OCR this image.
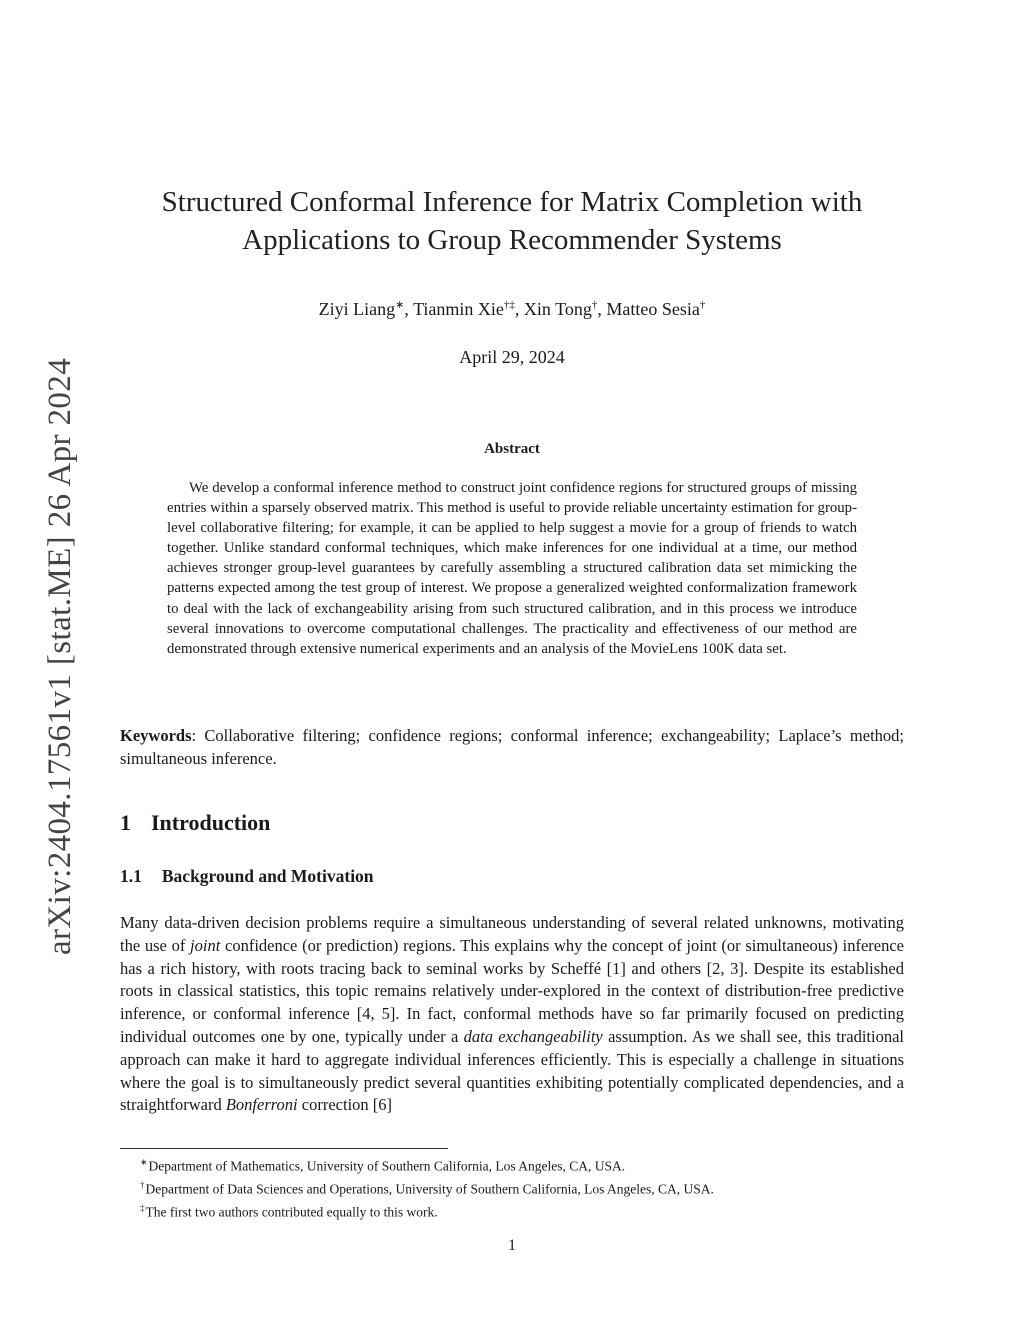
arXiv:2404.17561v1 [stat.ME] 26 Apr 2024
Structured Conformal Inference for Matrix Completion with
Applications to Group Recommender Systems
Ziyi Liang∗, Tianmin Xie†‡, Xin Tong†, Matteo Sesia†
April 29, 2024
Abstract

We develop a conformal inference method to construct joint confidence regions for structured groups of missing entries within a sparsely observed matrix. This method is useful to provide reliable uncertainty estimation for group-level collaborative filtering; for example, it can be applied to help suggest a movie for a group of friends to watch together. Unlike standard conformal techniques, which make inferences for one individual at a time, our method achieves stronger group-level guarantees by carefully assembling a structured calibration data set mimicking the patterns expected among the test group of interest. We propose a generalized weighted conformalization framework to deal with the lack of exchangeability arising from such structured calibration, and in this process we introduce several innovations to overcome computational challenges. The practicality and effectiveness of our method are demonstrated through extensive numerical experiments and an analysis of the MovieLens 100K data set.

Keywords: Collaborative filtering; confidence regions; conformal inference; exchangeability; Laplace’s method; simultaneous inference.
1 Introduction
1.1 Background and Motivation

Many data-driven decision problems require a simultaneous understanding of several related unknowns, motivating the use of joint confidence (or prediction) regions. This explains why the concept of joint (or simultaneous) inference has a rich history, with roots tracing back to seminal works by Scheffé [1] and others [2, 3]. Despite its established roots in classical statistics, this topic remains relatively under-explored in the context of distribution-free predictive inference, or conformal inference [4, 5]. In fact, conformal methods have so far primarily focused on predicting individual outcomes one by one, typically under a data exchangeability assumption. As we shall see, this traditional approach can make it hard to aggregate individual inferences efficiently. This is especially a challenge in situations where the goal is to simultaneously predict several quantities exhibiting potentially complicated dependencies, and a straightforward Bonferroni correction [6]

∗Department of Mathematics, University of Southern California, Los Angeles, CA, USA.
†Department of Data Sciences and Operations, University of Southern California, Los Angeles, CA, USA.
‡The first two authors contributed equally to this work.
1
